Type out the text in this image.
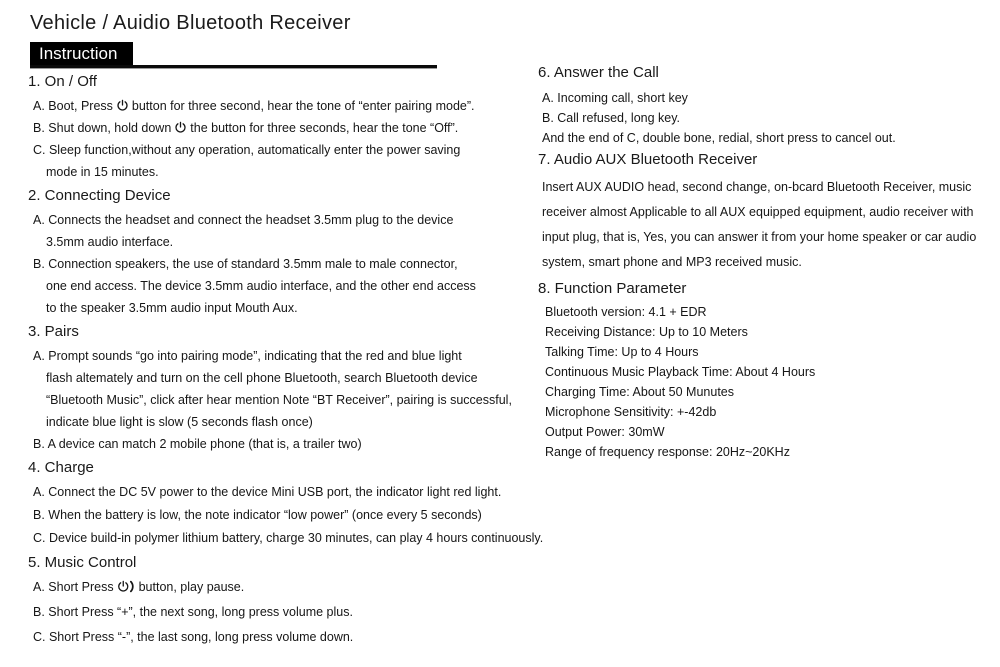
Vehicle / Auidio Bluetooth Receiver
Instruction
1. On / Off

A. Boot, Press button for three second, hear the tone of “enter pairing mode”.

B. Shut down, hold down the button for three seconds, hear the tone “Off”.

C. Sleep function,without any operation, automatically enter the power saving

mode in 15 minutes.

2. Connecting Device

A. Connects the headset and connect the headset 3.5mm plug to the device

3.5mm audio interface.

B. Connection speakers, the use of standard 3.5mm male to male connector,

one end access. The device 3.5mm audio interface, and the other end access

to the speaker 3.5mm audio input Mouth Aux.

3. Pairs

A. Prompt sounds “go into pairing mode”, indicating that the red and blue light

flash altemately and turn on the cell phone Bluetooth, search Bluetooth device

“Bluetooth Music”, click after hear mention Note “BT Receiver”, pairing is successful,

indicate blue light is slow (5 seconds flash once)

B. A device can match 2 mobile phone (that is, a trailer two)

4. Charge

A. Connect the DC 5V power to the device Mini USB port, the indicator light red light.

B. When the battery is low, the note indicator “low power” (once every 5 seconds)

C. Device build-in polymer lithium battery, charge 30 minutes, can play 4 hours continuously.

5. Music Control

A. Short Press button, play pause.

B. Short Press “+”, the next song, long press volume plus.

C. Short Press “-”, the last song, long press volume down.

6. Answer the Call

A. Incoming call, short key

B. Call refused, long key.

And the end of C, double bone, redial, short press to cancel out.

7. Audio AUX Bluetooth Receiver

Insert AUX AUDIO head, second change, on-bcard Bluetooth Receiver, music

receiver almost Applicable to all AUX equipped equipment, audio receiver with

input plug, that is, Yes, you can answer it from your home speaker or car audio

system, smart phone and MP3 received music.

8. Function Parameter

Bluetooth version: 4.1 + EDR

Receiving Distance: Up to 10 Meters

Talking Time: Up to 4 Hours

Continuous Music Playback Time: About 4 Hours

Charging Time: About 50 Munutes

Microphone Sensitivity: +-42db

Output Power: 30mW

Range of frequency response: 20Hz~20KHz
